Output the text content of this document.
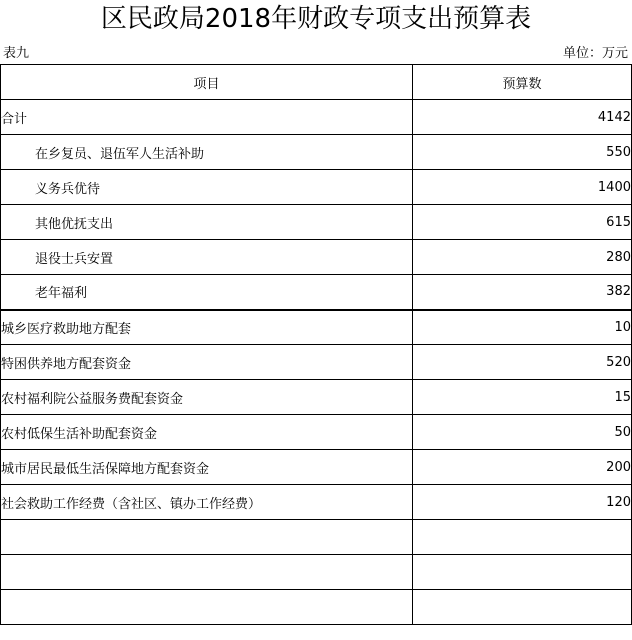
区民政局2018年财政专项支出预算表
表九	单位：万元
项目	预算数
合计	4142
在乡复员、退伍军人生活补助	550
义务兵优待	1400
其他优抚支出	615
退役士兵安置	280
老年福利	382
城乡医疗救助地方配套	10
特困供养地方配套资金	520
农村福利院公益服务费配套资金	15
农村低保生活补助配套资金	50
城市居民最低生活保障地方配套资金	200
社会救助工作经费（含社区、镇办工作经费）	120
